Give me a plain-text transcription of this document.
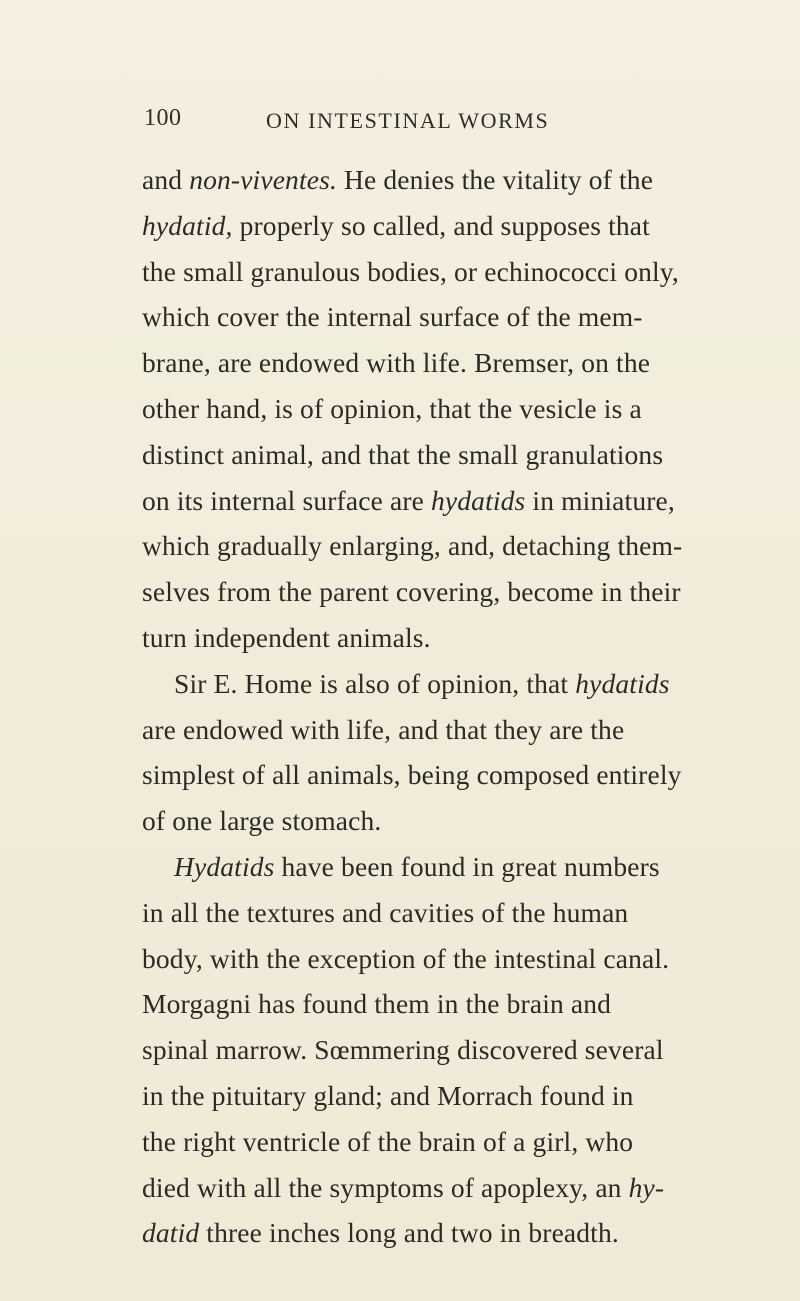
100	ON INTESTINAL WORMS
and non-viventes. He denies the vitality of the
hydatid, properly so called, and supposes that
the small granulous bodies, or echinococci only,
which cover the internal surface of the mem-
brane, are endowed with life. Bremser, on the
other hand, is of opinion, that the vesicle is a
distinct animal, and that the small granulations
on its internal surface are hydatids in miniature,
which gradually enlarging, and, detaching them-
selves from the parent covering, become in their
turn independent animals.
Sir E. Home is also of opinion, that hydatids
are endowed with life, and that they are the
simplest of all animals, being composed entirely
of one large stomach.
Hydatids have been found in great numbers
in all the textures and cavities of the human
body, with the exception of the intestinal canal.
Morgagni has found them in the brain and
spinal marrow. Sœmmering discovered several
in the pituitary gland; and Morrach found in
the right ventricle of the brain of a girl, who
died with all the symptoms of apoplexy, an hy-
datid three inches long and two in breadth.
